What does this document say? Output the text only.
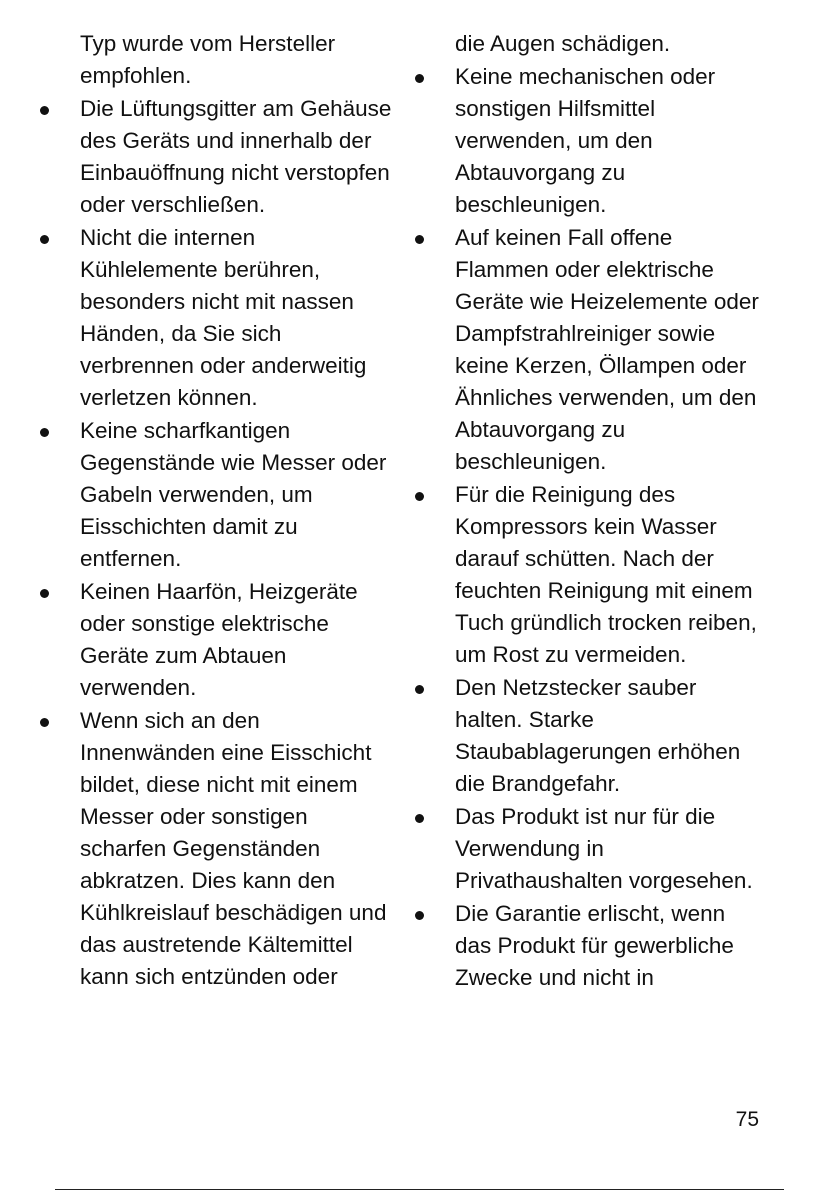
Typ wurde vom Hersteller empfohlen.
Die Lüftungsgitter am Gehäuse des Geräts und innerhalb der Einbauöffnung nicht verstopfen oder verschließen.
Nicht die internen Kühlelemente berühren, besonders nicht mit nassen Händen, da Sie sich verbrennen oder anderweitig verletzen können.
Keine scharfkantigen Gegenstände wie Messer oder Gabeln verwenden, um Eisschichten damit zu entfernen.
Keinen Haarfön, Heizgeräte oder sonstige elektrische Geräte zum Abtauen verwenden.
Wenn sich an den Innenwänden eine Eisschicht bildet, diese nicht mit einem Messer oder sonstigen scharfen Gegenständen abkratzen. Dies kann den Kühlkreislauf beschädigen und das austretende Kältemittel kann sich entzünden oder
die Augen schädigen.
Keine mechanischen oder sonstigen Hilfsmittel verwenden, um den Abtauvorgang zu beschleunigen.
Auf keinen Fall offene Flammen oder elektrische Geräte wie Heizelemente oder Dampfstrahlreiniger sowie keine Kerzen, Öllampen oder Ähnliches verwenden, um den Abtauvorgang zu beschleunigen.
Für die Reinigung des Kompressors kein Wasser darauf schütten. Nach der feuchten Reinigung mit einem Tuch gründlich trocken reiben, um Rost zu vermeiden.
Den Netzstecker sauber halten. Starke Staubablagerungen erhöhen die Brandgefahr.
Das Produkt ist nur für die Verwendung in Privathaushalten vorgesehen.
Die Garantie erlischt, wenn das Produkt für gewerbliche Zwecke und nicht in
75
